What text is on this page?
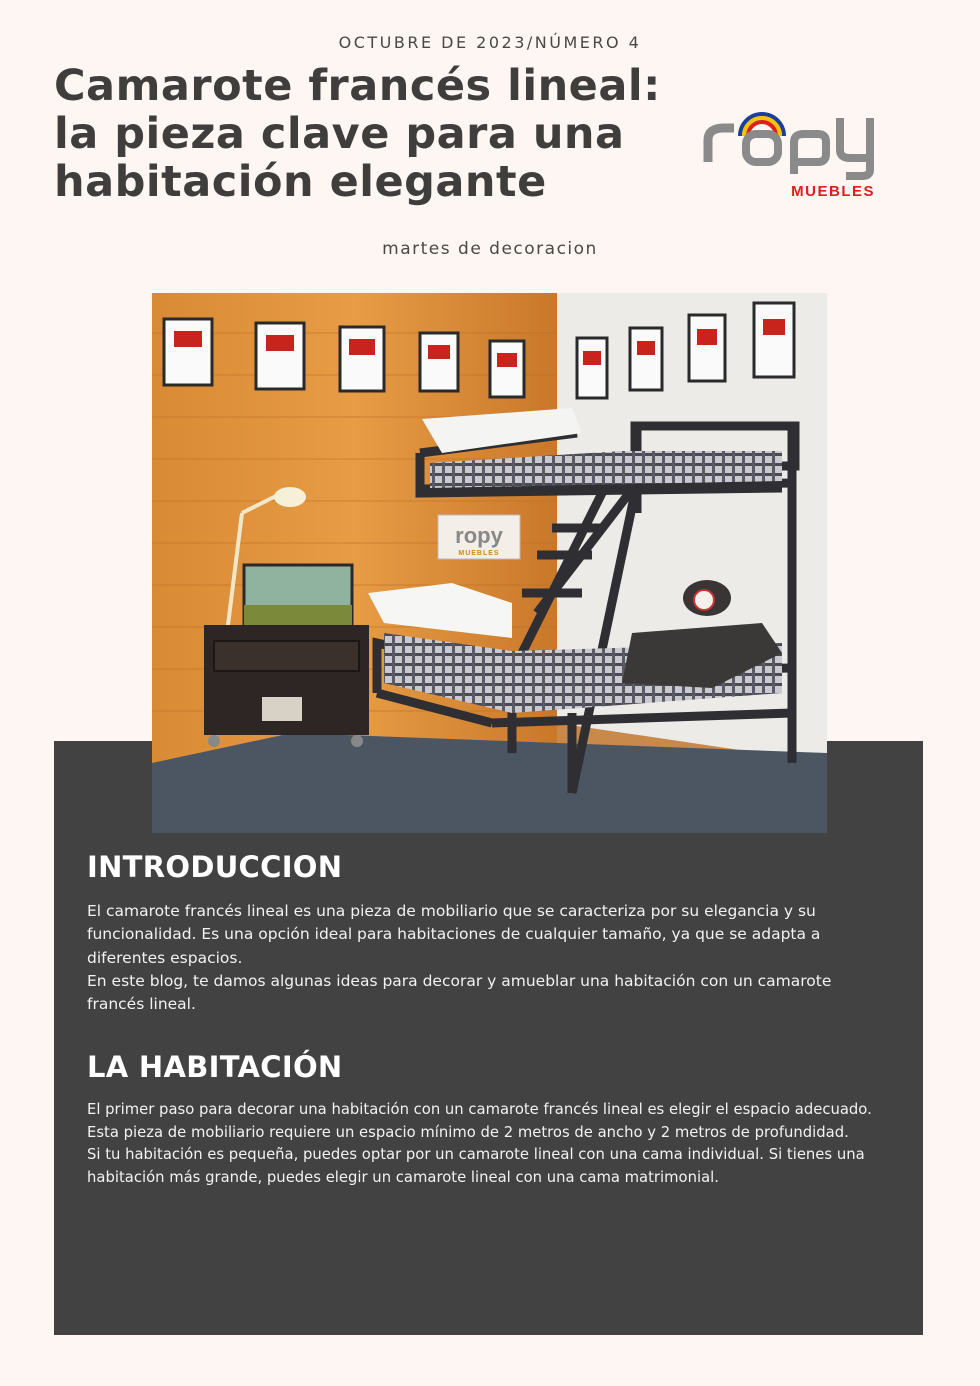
OCTUBRE DE 2023/NÚMERO 4
Camarote francés lineal:
la pieza clave para una
habitación elegante	MUEBLES
martes de decoracion
ropy
MUEBLES
INTRODUCCION

El camarote francés lineal es una pieza de mobiliario que se caracteriza por su elegancia y su funcionalidad. Es una opción ideal para habitaciones de cualquier tamaño, ya que se adapta a diferentes espacios.

En este blog, te damos algunas ideas para decorar y amueblar una habitación con un camarote francés lineal.

LA HABITACIÓN

El primer paso para decorar una habitación con un camarote francés lineal es elegir el espacio adecuado.

Esta pieza de mobiliario requiere un espacio mínimo de 2 metros de ancho y 2 metros de profundidad.

Si tu habitación es pequeña, puedes optar por un camarote lineal con una cama individual. Si tienes una habitación más grande, puedes elegir un camarote lineal con una cama matrimonial.
